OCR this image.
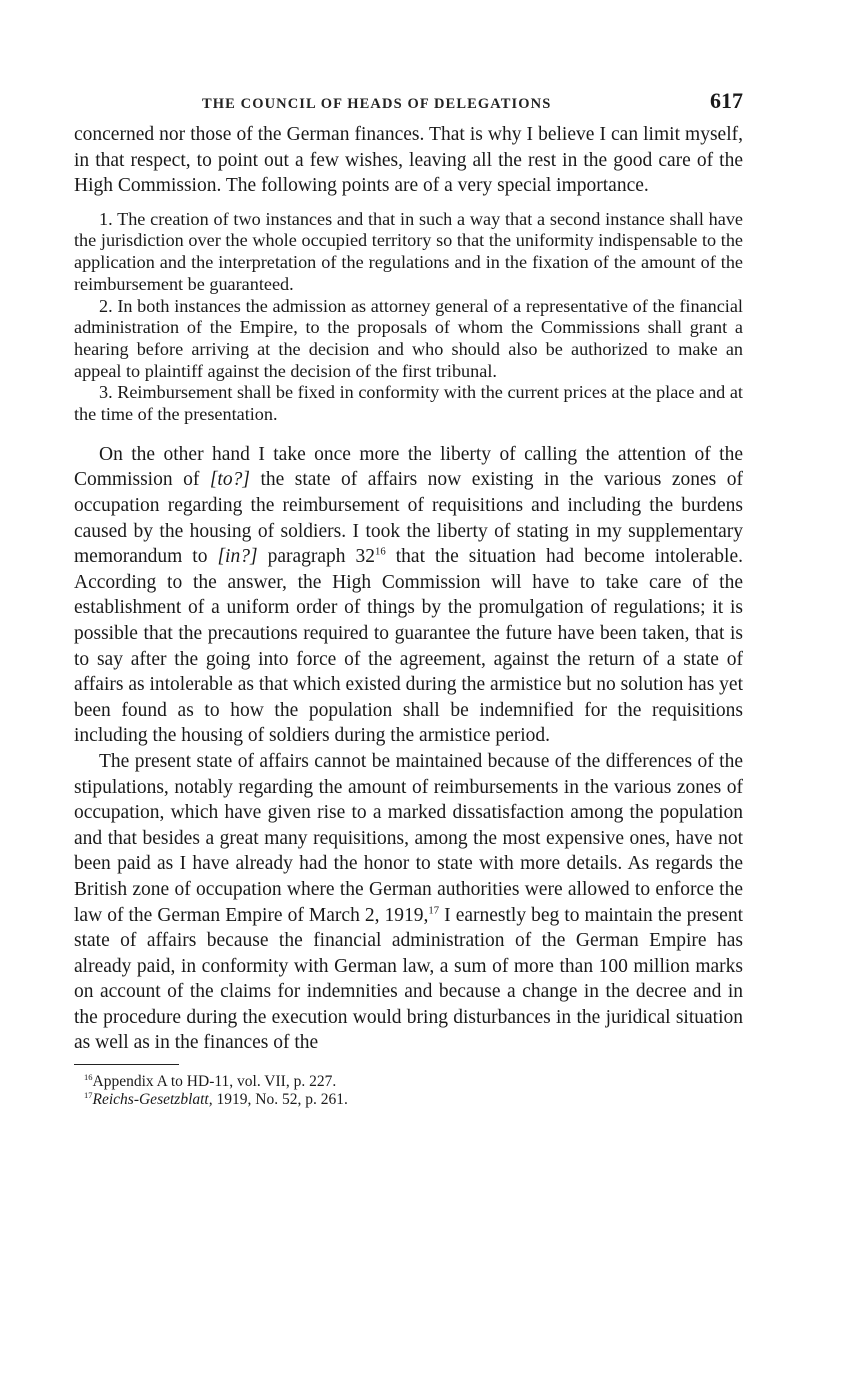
THE COUNCIL OF HEADS OF DELEGATIONS	617

concerned nor those of the German finances. That is why I believe I can limit myself, in that respect, to point out a few wishes, leaving all the rest in the good care of the High Commission. The following points are of a very special importance.

1. The creation of two instances and that in such a way that a second instance shall have the jurisdiction over the whole occupied territory so that the uniformity indispensable to the application and the interpretation of the regulations and in the fixation of the amount of the reimbursement be guaranteed.

2. In both instances the admission as attorney general of a representative of the financial administration of the Empire, to the proposals of whom the Commissions shall grant a hearing before arriving at the decision and who should also be authorized to make an appeal to plaintiff against the decision of the first tribunal.

3. Reimbursement shall be fixed in conformity with the current prices at the place and at the time of the presentation.

On the other hand I take once more the liberty of calling the attention of the Commission of [to?] the state of affairs now existing in the various zones of occupation regarding the reimbursement of requisitions and including the burdens caused by the housing of soldiers. I took the liberty of stating in my supplementary memorandum to [in?] paragraph $32^{16}$ that the situation had become intolerable. According to the answer, the High Commission will have to take care of the establishment of a uniform order of things by the promulgation of regulations; it is possible that the precautions required to guarantee the future have been taken, that is to say after the going into force of the agreement, against the return of a state of affairs as intolerable as that which existed during the armistice but no solution has yet been found as to how the population shall be indemnified for the requisitions including the housing of soldiers during the armistice period.

The present state of affairs cannot be maintained because of the differences of the stipulations, notably regarding the amount of reimbursements in the various zones of occupation, which have given rise to a marked dissatisfaction among the population and that besides a great many requisitions, among the most expensive ones, have not been paid as I have already had the honor to state with more details. As regards the British zone of occupation where the German authorities were allowed to enforce the law of the German Empire of March 2, 1919,17 I earnestly beg to maintain the present state of affairs because the financial administration of the German Empire has already paid, in conformity with German law, a sum of more than 100 million marks on account of the claims for indemnities and because a change in the decree and in the procedure during the execution would bring disturbances in the juridical situation as well as in the finances of the

$^{16}$Appendix A to HD-11, vol. VII, p. 227.

$^{17}$Reichs-Gesetzblatt, 1919, No. 52, p. 261.
